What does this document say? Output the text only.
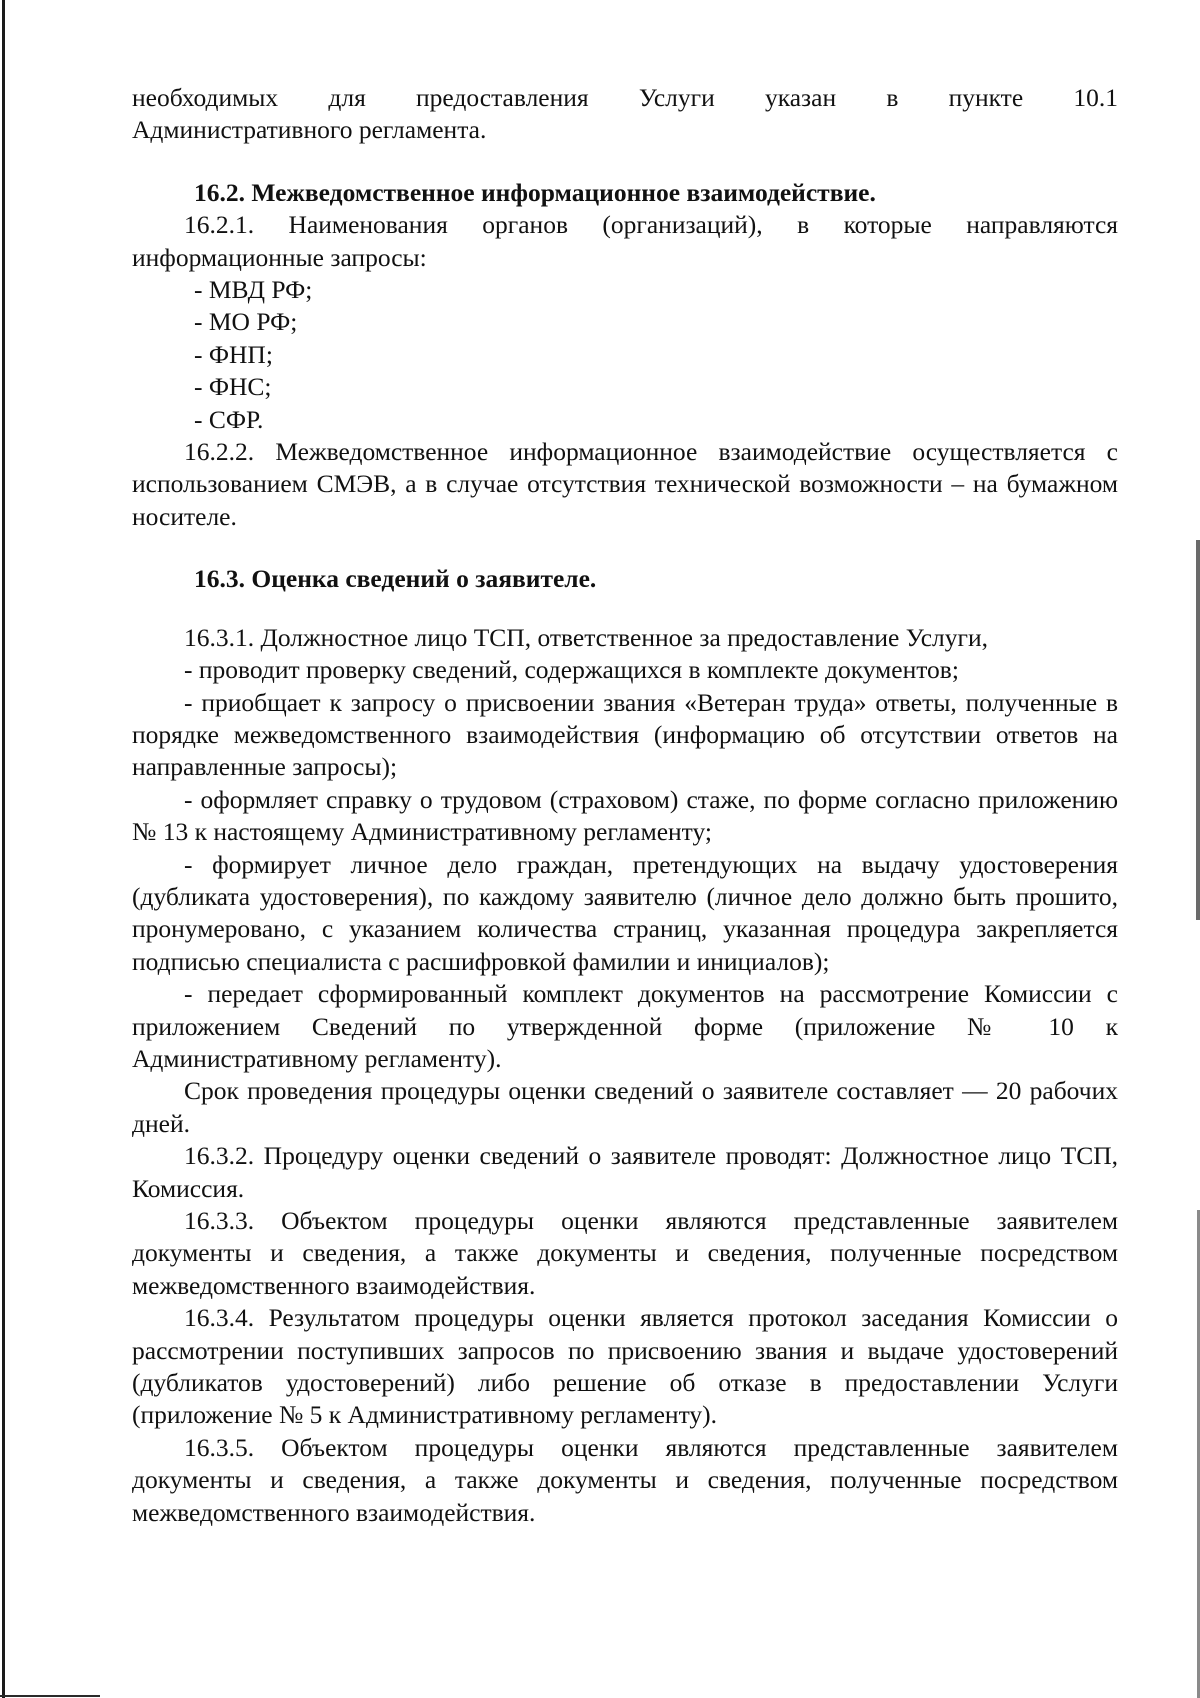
необходимых для предоставления Услуги указан в пункте 10.1

Административного регламента.

16.2. Межведомственное информационное взаимодействие.

16.2.1. Наименования органов (организаций), в которые направляются информационные запросы:

- МВД РФ;

- МО РФ;

- ФНП;

- ФНС;

- СФР.

16.2.2. Межведомственное информационное взаимодействие осуществляется с использованием СМЭВ, а в случае отсутствия технической возможности – на бумажном носителе.

16.3. Оценка сведений о заявителе.

16.3.1. Должностное лицо ТСП, ответственное за предоставление Услуги,

- проводит проверку сведений, содержащихся в комплекте документов;

- приобщает к запросу о присвоении звания «Ветеран труда» ответы, полученные в порядке межведомственного взаимодействия (информацию об отсутствии ответов на направленные запросы);

- оформляет справку о трудовом (страховом) стаже, по форме согласно приложению № 13 к настоящему Административному регламенту;

- формирует личное дело граждан, претендующих на выдачу удостоверения (дубликата удостоверения), по каждому заявителю (личное дело должно быть прошито, пронумеровано, с указанием количества страниц, указанная процедура закрепляется подписью специалиста с расшифровкой фамилии и инициалов);

- передает сформированный комплект документов на рассмотрение Комиссии с приложением Сведений по утвержденной форме (приложение № 10 к Административному регламенту).

Срок проведения процедуры оценки сведений о заявителе составляет — 20 рабочих дней.

16.3.2. Процедуру оценки сведений о заявителе проводят: Должностное лицо ТСП, Комиссия.

16.3.3. Объектом процедуры оценки являются представленные заявителем документы и сведения, а также документы и сведения, полученные посредством межведомственного взаимодействия.

16.3.4. Результатом процедуры оценки является протокол заседания Комиссии о рассмотрении поступивших запросов по присвоению звания и выдаче удостоверений (дубликатов удостоверений) либо решение об отказе в предоставлении Услуги (приложение № 5 к Административному регламенту).

16.3.5. Объектом процедуры оценки являются представленные заявителем документы и сведения, а также документы и сведения, полученные посредством межведомственного взаимодействия.
